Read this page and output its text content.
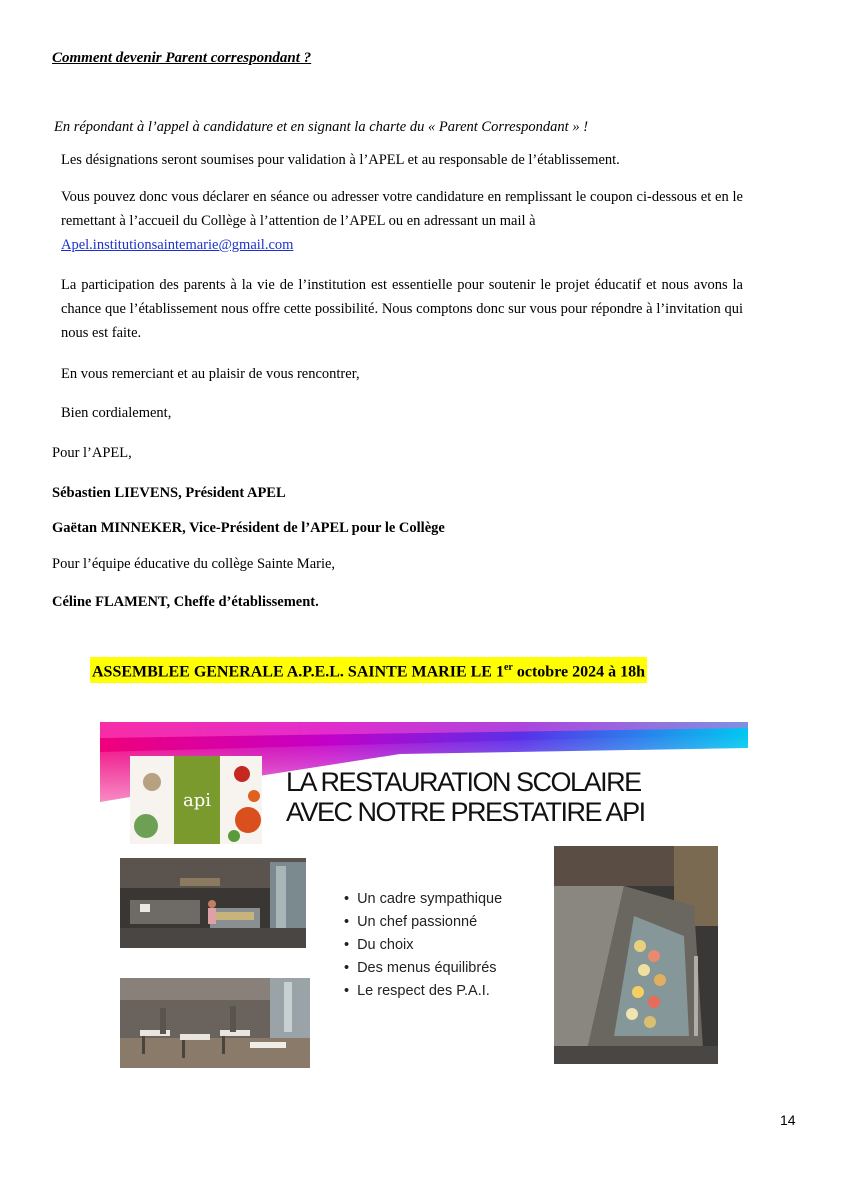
Comment devenir Parent correspondant ?
En répondant à l’appel à candidature et en signant la charte du « Parent Correspondant » !
Les désignations seront soumises pour validation à l’APEL et au responsable de l’établissement.
Vous pouvez donc vous déclarer en séance ou adresser votre candidature en remplissant le coupon ci-dessous et en le remettant à l’accueil du Collège à l’attention de l’APEL ou en adressant un mail à
Apel.institutionsaintemarie@gmail.com
La participation des parents à la vie de l’institution est essentielle pour soutenir le projet éducatif et nous avons la chance que l’établissement nous offre cette possibilité. Nous comptons donc sur vous pour répondre à l’invitation qui nous est faite.
En vous remerciant et au plaisir de vous rencontrer,
Bien cordialement,
Pour l’APEL,
Sébastien LIEVENS, Président APEL
Gaëtan MINNEKER, Vice-Président de l’APEL pour le Collège
Pour l’équipe éducative du collège Sainte Marie,
Céline FLAMENT, Cheffe d’établissement.
ASSEMBLEE GENERALE A.P.E.L. SAINTE MARIE LE 1er octobre 2024 à 18h
api
LA RESTAURATION SCOLAIRE
AVEC NOTRE PRESTATIRE API
• Un cadre sympathique
• Un chef passionné
• Du choix
• Des menus équilibrés
• Le respect des P.A.I.
14
